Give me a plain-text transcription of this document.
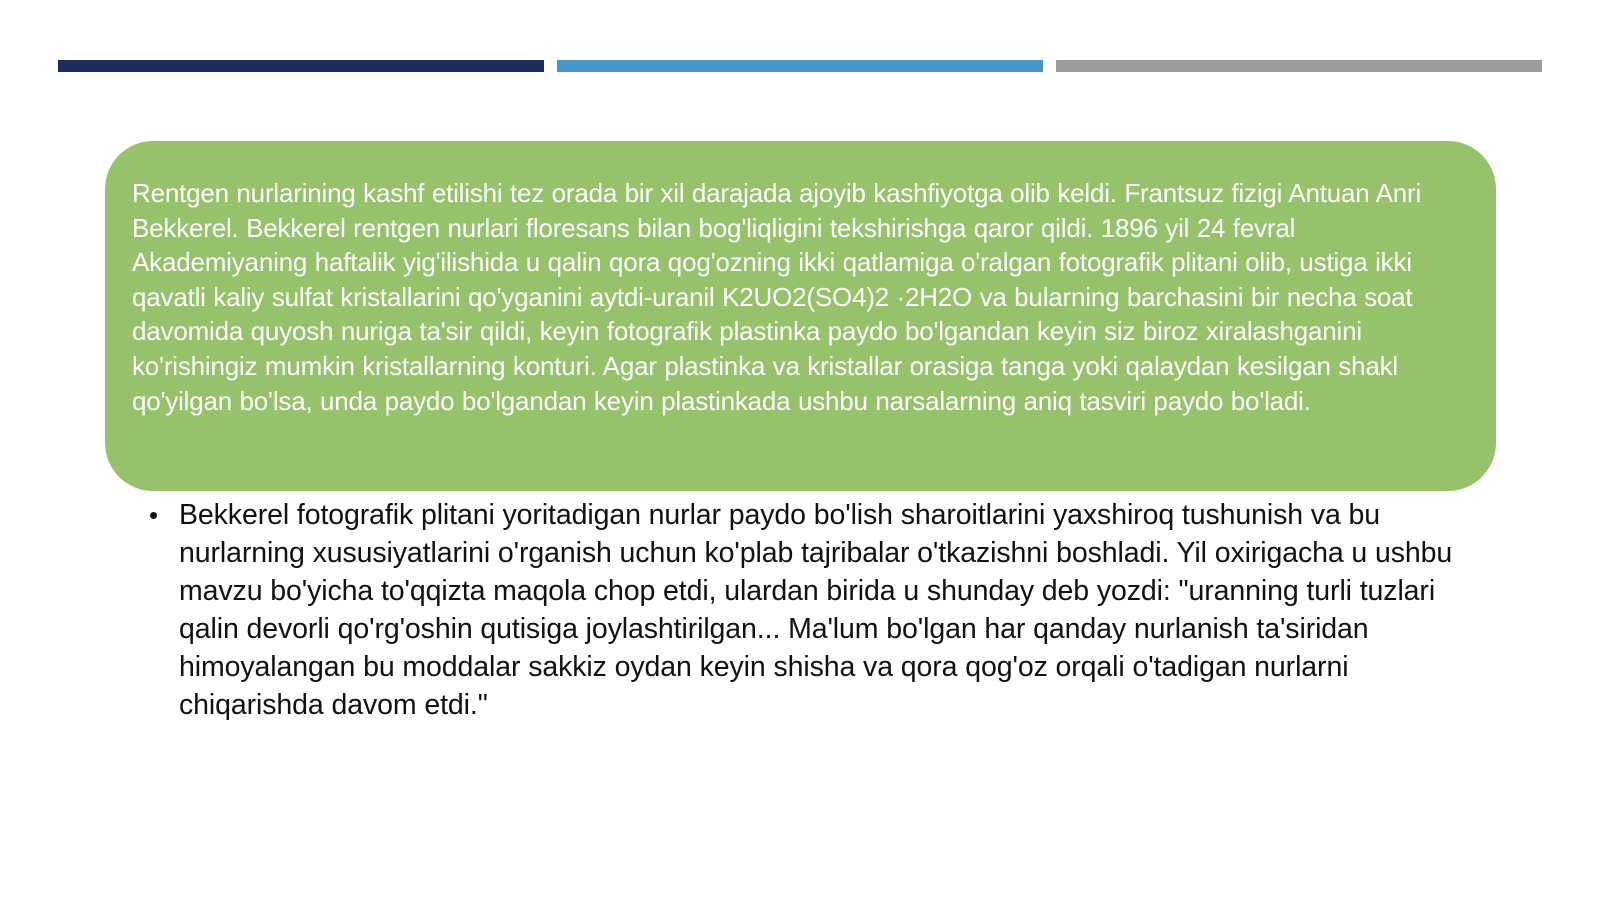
Rentgen nurlarining kashf etilishi tez orada bir xil darajada ajoyib kashfiyotga olib keldi. Frantsuz fizigi Antuan Anri Bekkerel. Bekkerel rentgen nurlari floresans bilan bog'liqligini tekshirishga qaror qildi. 1896 yil 24 fevral Akademiyaning haftalik yig'ilishida u qalin qora qog'ozning ikki qatlamiga o'ralgan fotografik plitani olib, ustiga ikki qavatli kaliy sulfat kristallarini qo'yganini aytdi-uranil K2UO2(SO4)2 ·2H2O va bularning barchasini bir necha soat davomida quyosh nuriga ta'sir qildi, keyin fotografik plastinka paydo bo'lgandan keyin siz biroz xiralashganini ko'rishingiz mumkin kristallarning konturi. Agar plastinka va kristallar orasiga tanga yoki qalaydan kesilgan shakl qo'yilgan bo'lsa, unda paydo bo'lgandan keyin plastinkada ushbu narsalarning aniq tasviri paydo bo'ladi.

• Bekkerel fotografik plitani yoritadigan nurlar paydo bo'lish sharoitlarini yaxshiroq tushunish va bu nurlarning xususiyatlarini o'rganish uchun ko'plab tajribalar o'tkazishni boshladi. Yil oxirigacha u ushbu mavzu bo'yicha to'qqizta maqola chop etdi, ulardan birida u shunday deb yozdi: "uranning turli tuzlari qalin devorli qo'rg'oshin qutisiga joylashtirilgan... Ma'lum bo'lgan har qanday nurlanish ta'siridan himoyalangan bu moddalar sakkiz oydan keyin shisha va qora qog'oz orqali o'tadigan nurlarni chiqarishda davom etdi."
